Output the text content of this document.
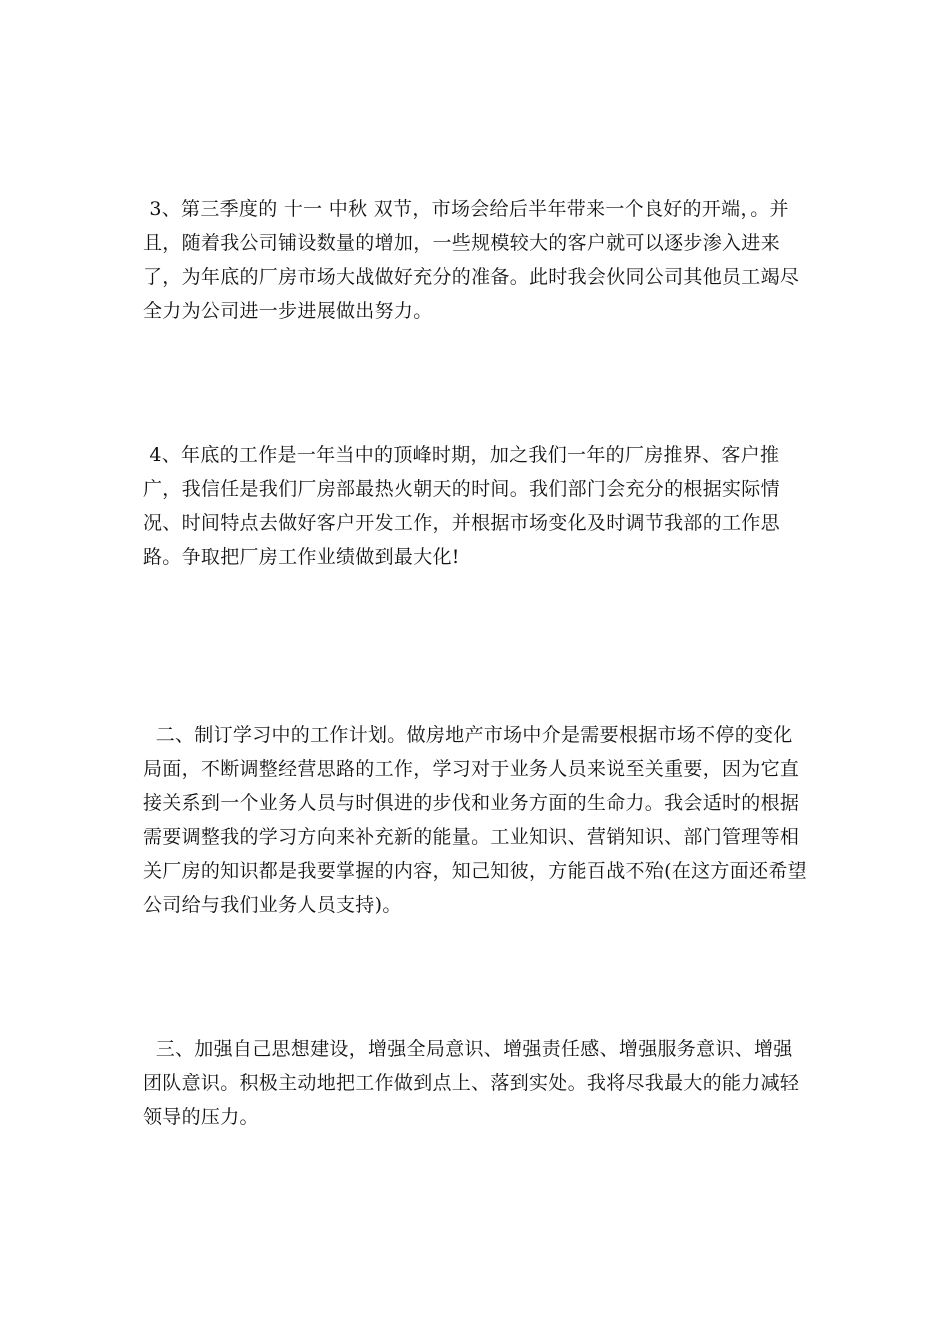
3、第三季度的 十一 中秋 双节，市场会给后半年带来一个良好的开端，。并且，随着我公司铺设数量的增加，一些规模较大的客户就可以逐步渗入进来了，为年底的厂房市场大战做好充分的准备。此时我会伙同公司其他员工竭尽全力为公司进一步进展做出努力。

4、年底的工作是一年当中的顶峰时期，加之我们一年的厂房推界、客户推广，我信任是我们厂房部最热火朝天的时间。我们部门会充分的根据实际情况、时间特点去做好客户开发工作，并根据市场变化及时调节我部的工作思路。争取把厂房工作业绩做到最大化!

二、制订学习中的工作计划。做房地产市场中介是需要根据市场不停的变化局面，不断调整经营思路的工作，学习对于业务人员来说至关重要，因为它直接关系到一个业务人员与时俱进的步伐和业务方面的生命力。我会适时的根据需要调整我的学习方向来补充新的能量。工业知识、营销知识、部门管理等相关厂房的知识都是我要掌握的内容，知己知彼，方能百战不殆(在这方面还希望公司给与我们业务人员支持)。

三、加强自己思想建设，增强全局意识、增强责任感、增强服务意识、增强团队意识。积极主动地把工作做到点上、落到实处。我将尽我最大的能力减轻领导的压力。
